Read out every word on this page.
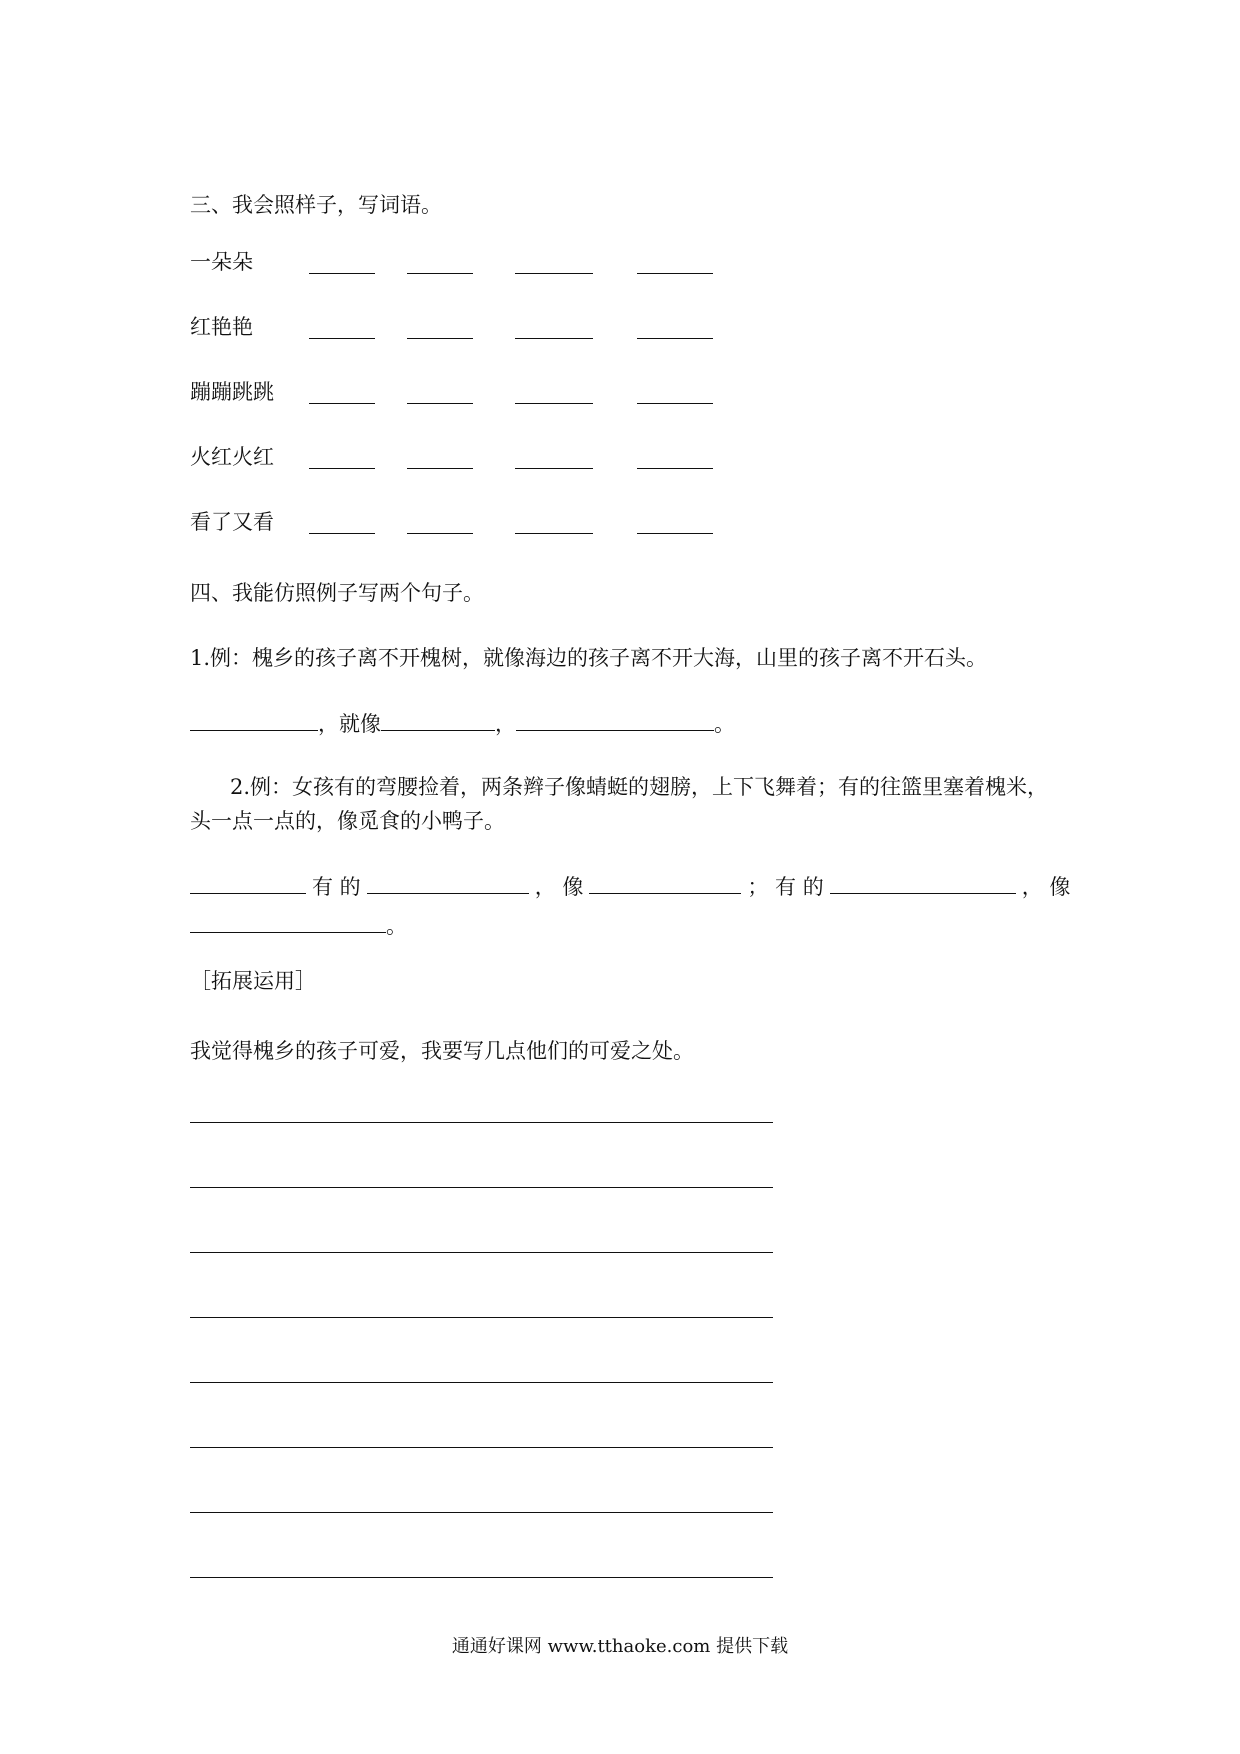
三、我会照样子，写词语。
一朵朵
红艳艳
蹦蹦跳跳
火红火红
看了又看
四、我能仿照例子写两个句子。
1.例：槐乡的孩子离不开槐树，就像海边的孩子离不开大海，山里的孩子离不开石头。
，就像	，	。
2.例：女孩有的弯腰捡着，两条辫子像蜻蜓的翅膀，上下飞舞着；有的往篮里塞着槐米，
头一点一点的，像觅食的小鸭子。
有 的	， 像	； 有 的	， 像
。
［拓展运用］
我觉得槐乡的孩子可爱，我要写几点他们的可爱之处。
通通好课网 www.tthaoke.com 提供下载
